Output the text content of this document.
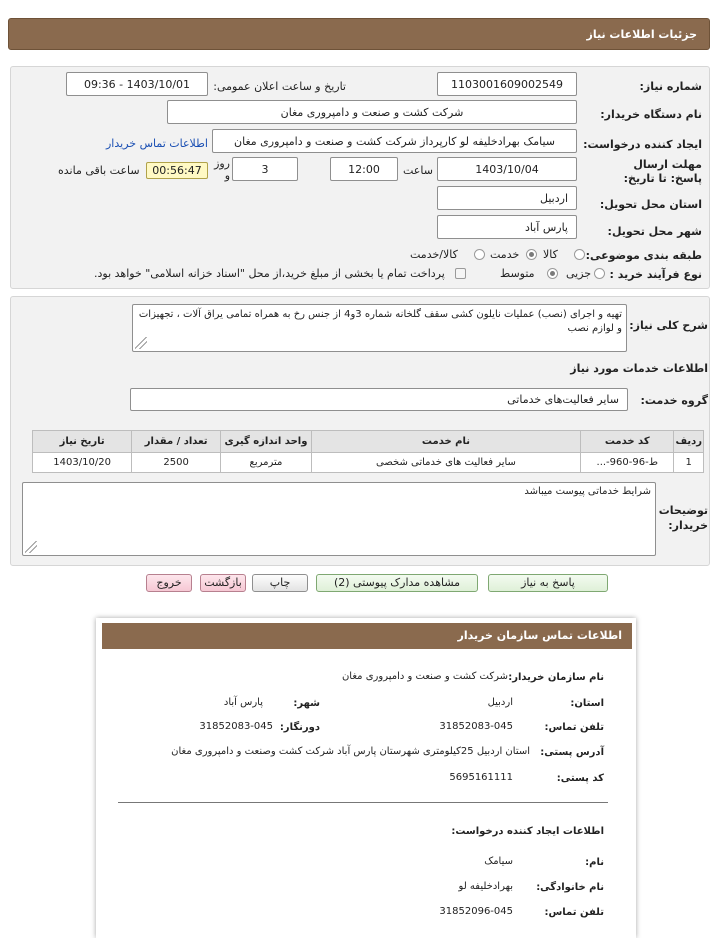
جزئیات اطلاعات نیاز
شماره نیاز:
1103001609002549
تاریخ و ساعت اعلان عمومی:
1403/10/01 - 09:36
نام دستگاه خریدار:
شرکت کشت و صنعت و دامپروری مغان
ایجاد کننده درخواست:
سیامک بهرادخلیفه لو کارپرداز شرکت کشت و صنعت و دامپروری مغان
اطلاعات تماس خریدار
مهلت ارسال پاسخ: تا تاریخ:
1403/10/04
ساعت
12:00
3
روز و
00:56:47
ساعت باقی مانده
استان محل تحویل:
اردبیل
شهر محل تحویل:
پارس آباد
طبقه بندی موضوعی:
کالا
خدمت
کالا/خدمت
نوع فرآیند خرید :
جزیی
متوسط
پرداخت تمام یا بخشی از مبلغ خرید،از محل "اسناد خزانه اسلامی" خواهد بود.
شرح کلی نیاز:
تهیه و اجرای (نصب) عملیات نایلون کشی سقف گلخانه شماره 3و4 از جنس رخ به همراه تمامی یراق آلات ، تجهیزات و لوازم نصب
اطلاعات خدمات مورد نیاز
گروه خدمت:
سایر فعالیت‌های خدماتی
ردیف	کد خدمت	نام خدمت	واحد اندازه گیری	تعداد / مقدار	تاریخ نیاز
1	ط-96-960-...	سایر فعالیت های خدماتی شخصی	مترمربع	2500	1403/10/20
توضیحات خریدار:
شرایط خدماتی پیوست میباشد
پاسخ به نیاز
مشاهده مدارک پیوستی (2)
چاپ
بازگشت
خروج
اطلاعات تماس سازمان خریدار
نام سازمان خریدار:
شرکت کشت و صنعت و دامپروری مغان
استان:
اردبیل
شهر:
پارس آباد
تلفن تماس:
31852083-045
دورنگار:
31852083-045
آدرس پستی:
استان اردبیل 25کیلومتری شهرستان پارس آباد شرکت کشت وصنعت و دامپروری مغان
کد پستی:
5695161111
اطلاعات ایجاد کننده درخواست:
نام:
سیامک
نام خانوادگی:
بهرادخلیفه لو
تلفن تماس:
31852096-045
